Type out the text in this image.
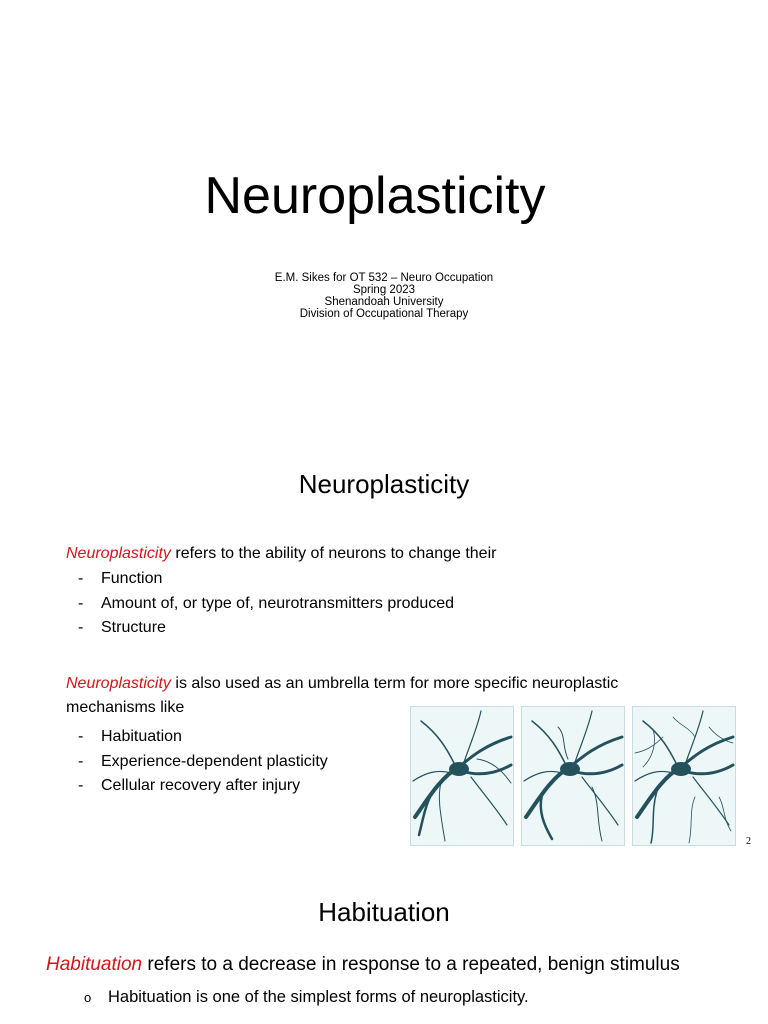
Neuroplasticity
E.M. Sikes for OT 532 – Neuro Occupation
Spring 2023
Shenandoah University
Division of Occupational Therapy
Neuroplasticity
Neuroplasticity refers to the ability of neurons to change their
- Function
- Amount of, or type of, neurotransmitters produced
- Structure
Neuroplasticity is also used as an umbrella term for more specific neuroplastic mechanisms like
- Habituation
- Experience-dependent plasticity
- Cellular recovery after injury
2
Habituation
Habituation refers to a decrease in response to a repeated, benign stimulus
o Habituation is one of the simplest forms of neuroplasticity.
